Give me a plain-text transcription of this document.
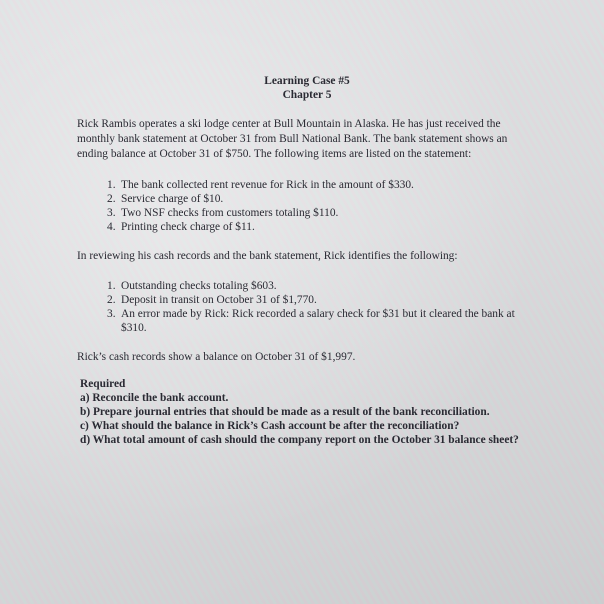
Learning Case #5
Chapter 5
Rick Rambis operates a ski lodge center at Bull Mountain in Alaska. He has just received the
monthly bank statement at October 31 from Bull National Bank. The bank statement shows an
ending balance at October 31 of $750. The following items are listed on the statement:
1. The bank collected rent revenue for Rick in the amount of $330.
2. Service charge of $10.
3. Two NSF checks from customers totaling $110.
4. Printing check charge of $11.
In reviewing his cash records and the bank statement, Rick identifies the following:
1. Outstanding checks totaling $603.
2. Deposit in transit on October 31 of $1,770.
3. An error made by Rick: Rick recorded a salary check for $31 but it cleared the bank at
$310.
Rick’s cash records show a balance on October 31 of $1,997.
Required
a) Reconcile the bank account.
b) Prepare journal entries that should be made as a result of the bank reconciliation.
c) What should the balance in Rick’s Cash account be after the reconciliation?
d) What total amount of cash should the company report on the October 31 balance sheet?
